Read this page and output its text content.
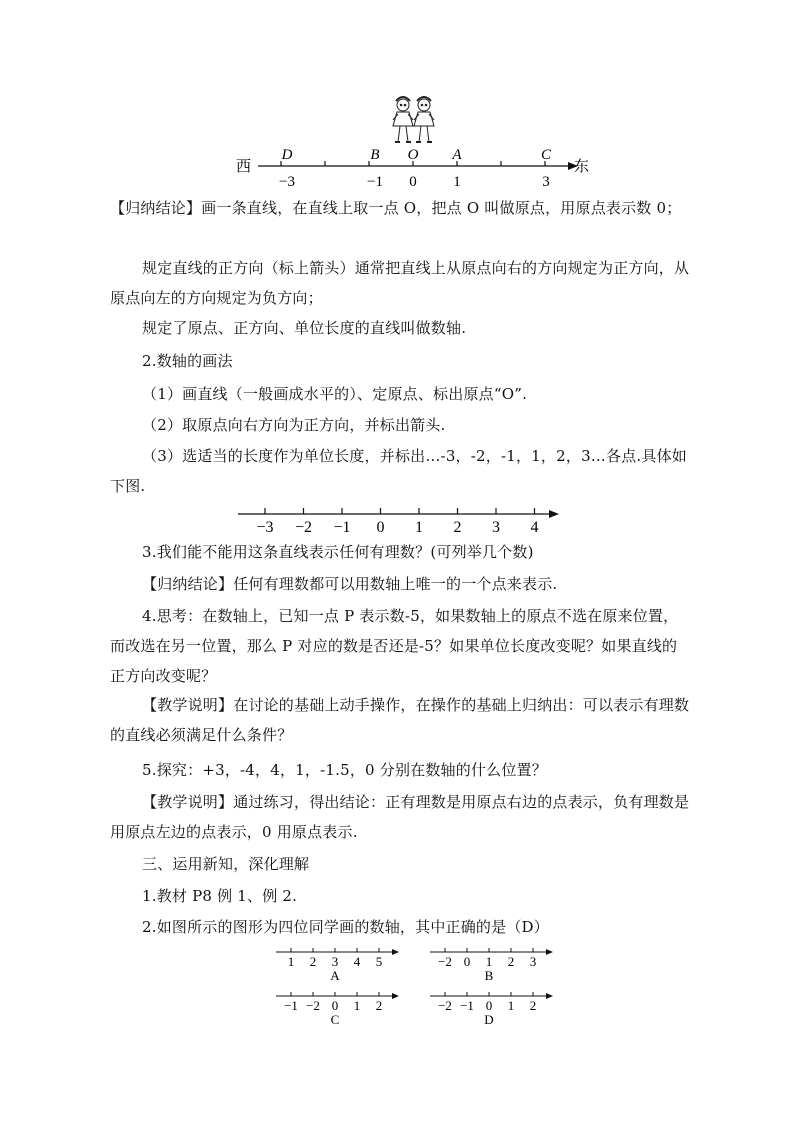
西	东
D	B O A	C
−3	−1 0 1	3

【归纳结论】画一条直线，在直线上取一点 O，把点 O 叫做原点，用原点表示数 0；

规定直线的正方向（标上箭头）通常把直线上从原点向右的方向规定为正方向，从原点向左的方向规定为负方向；

规定了原点、正方向、单位长度的直线叫做数轴.

2.数轴的画法

（1）画直线（一般画成水平的）、定原点、标出原点“O”.

（2）取原点向右方向为正方向，并标出箭头.

（3）选适当的长度作为单位长度，并标出…-3，-2，-1，1，2，3…各点.具体如下图.

−3 −2 −1 0 1 2 3 4

3.我们能不能用这条直线表示任何有理数？(可列举几个数)

【归纳结论】任何有理数都可以用数轴上唯一的一个点来表示.

4.思考：在数轴上，已知一点 P 表示数-5，如果数轴上的原点不选在原来位置，而改选在另一位置，那么 P 对应的数是否还是-5？如果单位长度改变呢？如果直线的正方向改变呢？

【教学说明】在讨论的基础上动手操作，在操作的基础上归纳出：可以表示有理数的直线必须满足什么条件？

5.探究：+3，-4，4，1，-1.5，0 分别在数轴的什么位置？

【教学说明】通过练习，得出结论：正有理数是用原点右边的点表示，负有理数是用原点左边的点表示，0 用原点表示.

三、运用新知，深化理解

1.教材 P8 例 1、例 2.

2.如图所示的图形为四位同学画的数轴，其中正确的是（D）

1 2 3 4 5
A
−2 0 1 2 3
B
−1 −2 0 1 2
C
−2 −1 0 1 2
D
